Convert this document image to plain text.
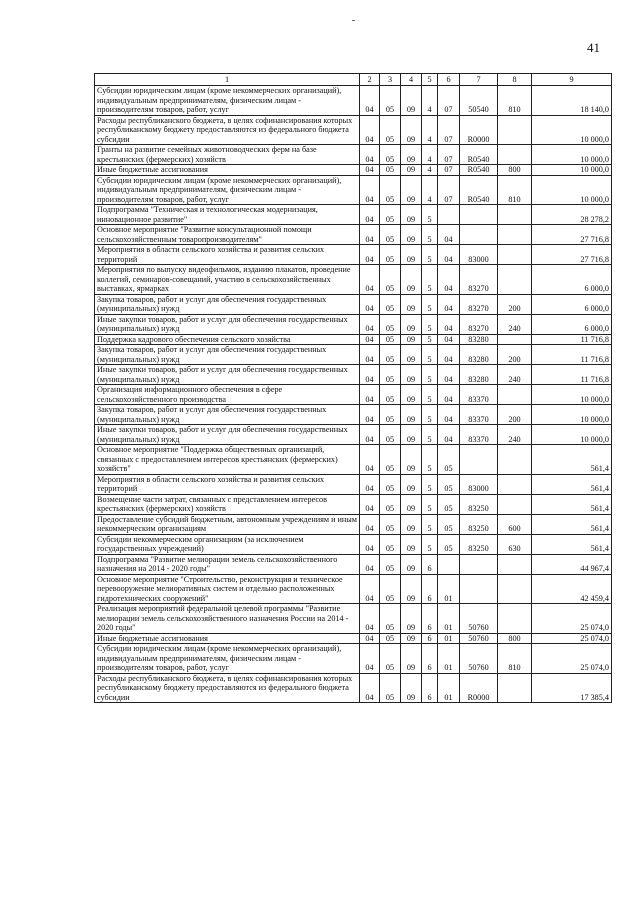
41
1	2	3	4	5	6	7	8	9
Субсидии юридическим лицам (кроме некоммерческих организаций), индивидуальным предпринимателям, физическим лицам - производителям товаров, работ, услуг	04	05	09	4	07	50540	810	18 140,0
Расходы республиканского бюджета, в целях софинансирования которых республиканскому бюджету предоставляются из федерального бюджета субсидии	04	05	09	4	07	R0000		10 000,0
Гранты на развитие семейных животноводческих ферм на базе крестьянских (фермерских) хозяйств	04	05	09	4	07	R0540		10 000,0
Иные бюджетные ассигнования	04	05	09	4	07	R0540	800	10 000,0
Субсидии юридическим лицам (кроме некоммерческих организаций), индивидуальным предпринимателям, физическим лицам - производителям товаров, работ, услуг	04	05	09	4	07	R0540	810	10 000,0
Подпрограмма "Техническая и технологическая модернизация, инновационное развитие"	04	05	09	5				28 278,2
Основное мероприятие "Развитие консультационной помощи сельскохозяйственным товаропроизводителям"	04	05	09	5	04			27 716,8
Мероприятия в области сельского хозяйства и развития сельских территорий	04	05	09	5	04	83000		27 716,8
Мероприятия по выпуску видеофильмов, изданию плакатов, проведение коллегий, семинаров-совещаний, участию в сельскохозяйственных выставках, ярмарках	04	05	09	5	04	83270		6 000,0
Закупка товаров, работ и услуг для обеспечения государственных (муниципальных) нужд	04	05	09	5	04	83270	200	6 000,0
Иные закупки товаров, работ и услуг для обеспечения государственных (муниципальных) нужд	04	05	09	5	04	83270	240	6 000,0
Поддержка кадрового обеспечения сельского хозяйства	04	05	09	5	04	83280		11 716,8
Закупка товаров, работ и услуг для обеспечения государственных (муниципальных) нужд	04	05	09	5	04	83280	200	11 716,8
Иные закупки товаров, работ и услуг для обеспечения государственных (муниципальных) нужд	04	05	09	5	04	83280	240	11 716,8
Организация информационного обеспечения в сфере сельскохозяйственного производства	04	05	09	5	04	83370		10 000,0
Закупка товаров, работ и услуг для обеспечения государственных (муниципальных) нужд	04	05	09	5	04	83370	200	10 000,0
Иные закупки товаров, работ и услуг для обеспечения государственных (муниципальных) нужд	04	05	09	5	04	83370	240	10 000,0
Основное мероприятие "Поддержка общественных организаций, связанных с предоставлением интересов крестьянских (фермерских) хозяйств"	04	05	09	5	05			561,4
Мероприятия в области сельского хозяйства и развития сельских территорий	04	05	09	5	05	83000		561,4
Возмещение части затрат, связанных с представлением интересов крестьянских (фермерских) хозяйств	04	05	09	5	05	83250		561,4
Предоставление субсидий бюджетным, автономным учреждениям и иным некоммерческим организациям	04	05	09	5	05	83250	600	561,4
Субсидии некоммерческим организациям (за исключением государственных учреждений)	04	05	09	5	05	83250	630	561,4
Подпрограмма "Развитие мелиорации земель сельскохозяйственного назначения на 2014 - 2020 годы"	04	05	09	6				44 967,4
Основное мероприятие "Строительство, реконструкция и техническое перевооружение мелиоративных систем и отдельно расположенных гидротехнических сооружений"	04	05	09	6	01			42 459,4
Реализация мероприятий федеральной целевой программы "Развитие мелиорации земель сельскохозяйственного назначения России на 2014 - 2020 годы"	04	05	09	6	01	50760		25 074,0
Иные бюджетные ассигнования	04	05	09	6	01	50760	800	25 074,0
Субсидии юридическим лицам (кроме некоммерческих организаций), индивидуальным предпринимателям, физическим лицам - производителям товаров, работ, услуг	04	05	09	6	01	50760	810	25 074,0
Расходы республиканского бюджета, в целях софинансирования которых республиканскому бюджету предоставляются из федерального бюджета субсидии	04	05	09	6	01	R0000		17 385,4
